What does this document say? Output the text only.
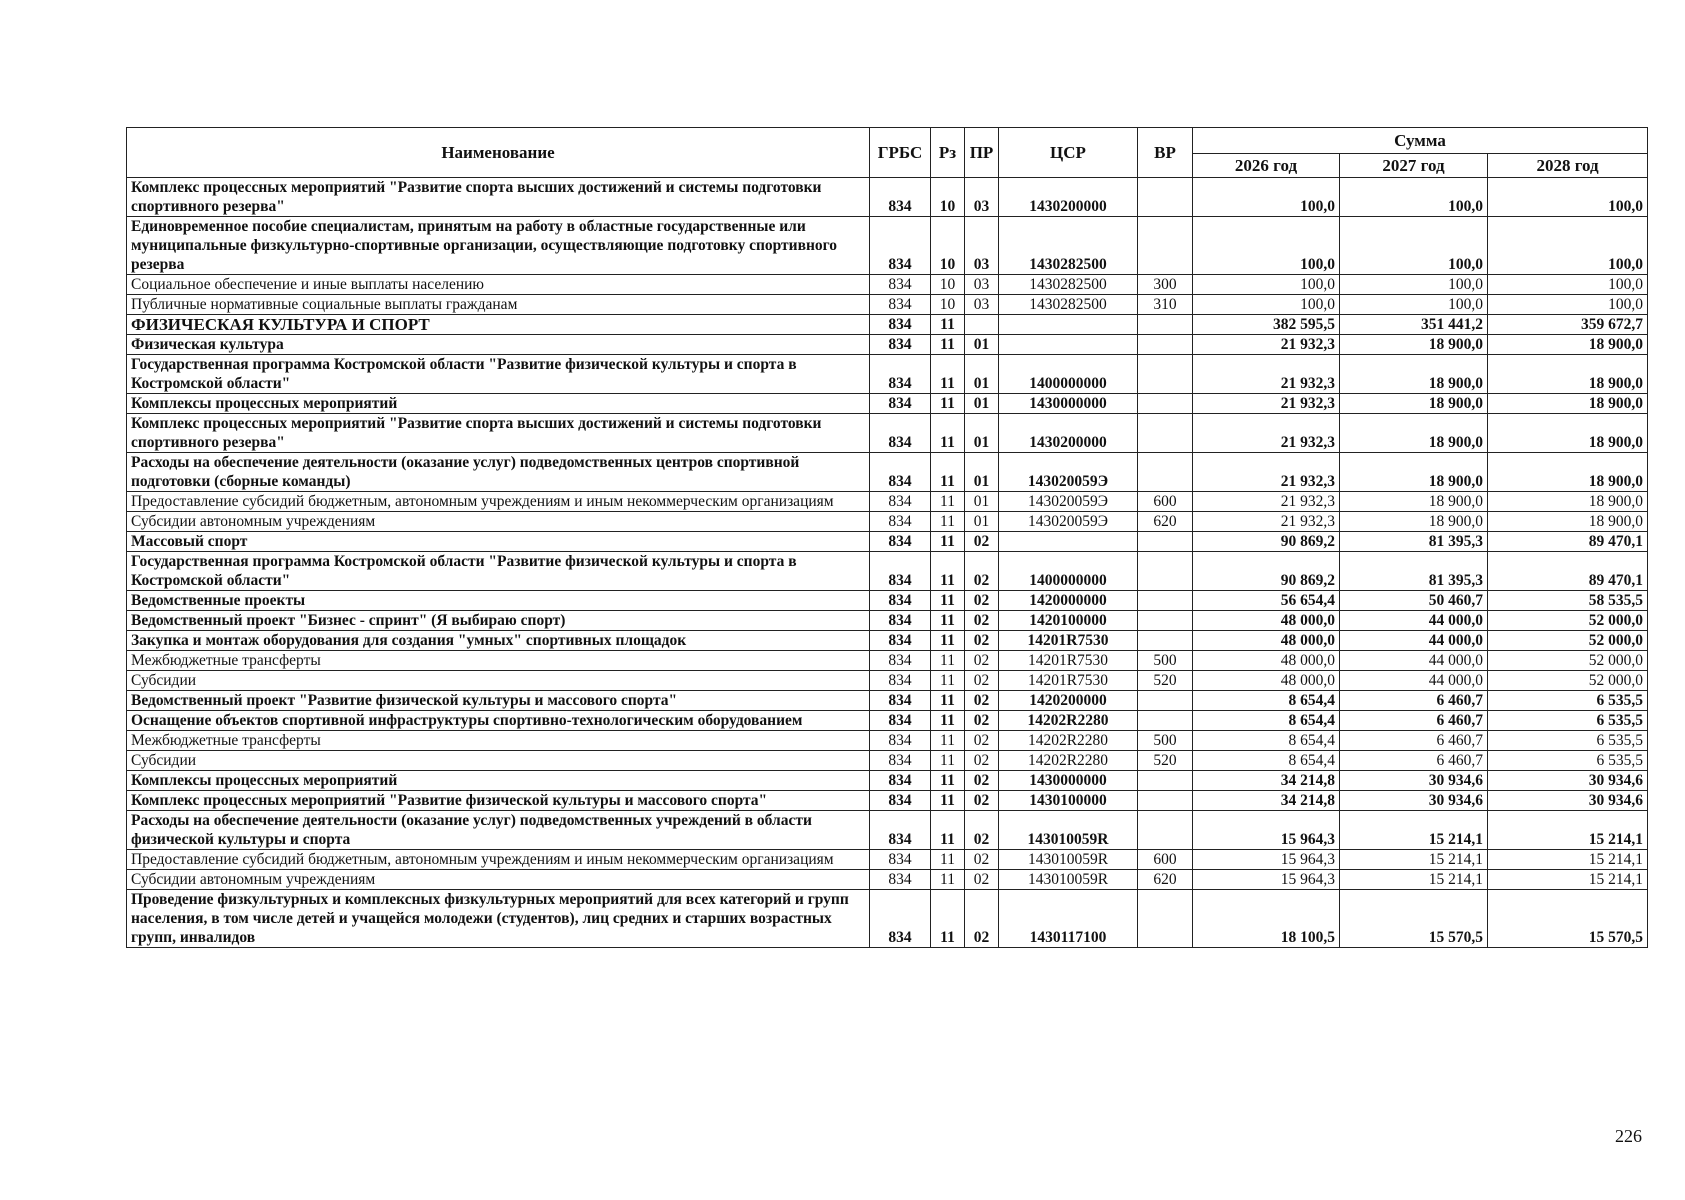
Наименование	ГРБС	Рз	ПР	ЦСР	ВР	Сумма		
						2026 год	2027 год	2028 год
Комплекс процессных мероприятий "Развитие спорта высших достижений и системы подготовки спортивного резерва"	834	10	03	1430200000		100,0	100,0	100,0
Единовременное пособие специалистам, принятым на работу в областные государственные или муниципальные физкультурно-спортивные организации, осуществляющие подготовку спортивного резерва	834	10	03	1430282500		100,0	100,0	100,0
Социальное обеспечение и иные выплаты населению	834	10	03	1430282500	300	100,0	100,0	100,0
Публичные нормативные социальные выплаты гражданам	834	10	03	1430282500	310	100,0	100,0	100,0
ФИЗИЧЕСКАЯ КУЛЬТУРА И СПОРТ	834	11				382 595,5	351 441,2	359 672,7
Физическая культура	834	11	01			21 932,3	18 900,0	18 900,0
Государственная программа Костромской области "Развитие физической культуры и спорта в Костромской области"	834	11	01	1400000000		21 932,3	18 900,0	18 900,0
Комплексы процессных мероприятий	834	11	01	1430000000		21 932,3	18 900,0	18 900,0
Комплекс процессных мероприятий "Развитие спорта высших достижений и системы подготовки спортивного резерва"	834	11	01	1430200000		21 932,3	18 900,0	18 900,0
Расходы на обеспечение деятельности (оказание услуг) подведомственных центров спортивной подготовки (сборные команды)	834	11	01	143020059Э		21 932,3	18 900,0	18 900,0
Предоставление субсидий бюджетным, автономным учреждениям и иным некоммерческим организациям	834	11	01	143020059Э	600	21 932,3	18 900,0	18 900,0
Субсидии автономным учреждениям	834	11	01	143020059Э	620	21 932,3	18 900,0	18 900,0
Массовый спорт	834	11	02			90 869,2	81 395,3	89 470,1
Государственная программа Костромской области "Развитие физической культуры и спорта в Костромской области"	834	11	02	1400000000		90 869,2	81 395,3	89 470,1
Ведомственные проекты	834	11	02	1420000000		56 654,4	50 460,7	58 535,5
Ведомственный проект "Бизнес - спринт" (Я выбираю спорт)	834	11	02	1420100000		48 000,0	44 000,0	52 000,0
Закупка и монтаж оборудования для создания "умных" спортивных площадок	834	11	02	14201R7530		48 000,0	44 000,0	52 000,0
Межбюджетные трансферты	834	11	02	14201R7530	500	48 000,0	44 000,0	52 000,0
Субсидии	834	11	02	14201R7530	520	48 000,0	44 000,0	52 000,0
Ведомственный проект "Развитие физической культуры и массового спорта"	834	11	02	1420200000		8 654,4	6 460,7	6 535,5
Оснащение объектов спортивной инфраструктуры спортивно-технологическим оборудованием	834	11	02	14202R2280		8 654,4	6 460,7	6 535,5
Межбюджетные трансферты	834	11	02	14202R2280	500	8 654,4	6 460,7	6 535,5
Субсидии	834	11	02	14202R2280	520	8 654,4	6 460,7	6 535,5
Комплексы процессных мероприятий	834	11	02	1430000000		34 214,8	30 934,6	30 934,6
Комплекс процессных мероприятий "Развитие физической культуры и массового спорта"	834	11	02	1430100000		34 214,8	30 934,6	30 934,6
Расходы на обеспечение деятельности (оказание услуг) подведомственных учреждений в области физической культуры и спорта	834	11	02	143010059R		15 964,3	15 214,1	15 214,1
Предоставление субсидий бюджетным, автономным учреждениям и иным некоммерческим организациям	834	11	02	143010059R	600	15 964,3	15 214,1	15 214,1
Субсидии автономным учреждениям	834	11	02	143010059R	620	15 964,3	15 214,1	15 214,1
Проведение физкультурных и комплексных физкультурных мероприятий для всех категорий и групп населения, в том числе детей и учащейся молодежи (студентов), лиц средних и старших возрастных групп, инвалидов	834	11	02	1430117100		18 100,5	15 570,5	15 570,5
226
